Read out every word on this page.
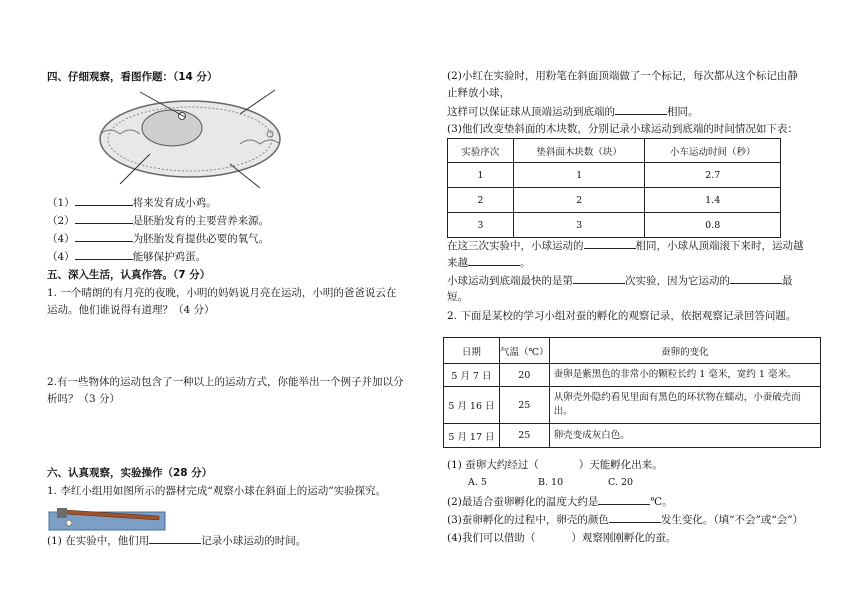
四、仔细观察，看图作题：（14 分）
（1）	将来发育成小鸡。
（2）	是胚胎发育的主要营养来源。
（4）	为胚胎发育提供必要的氧气。
（4）	能够保护鸡蛋。
五、深入生活，认真作答。（7 分）
1. 一个晴朗的有月亮的夜晚，小明的妈妈说月亮在运动，小明的爸爸说云在
运动。他们谁说得有道理？（4 分）
2.有一些物体的运动包含了一种以上的运动方式，你能举出一个例子并加以分
析吗？（3 分）
六、认真观察，实验操作（28 分）
1. 李红小组用如图所示的器材完成“观察小球在斜面上的运动”实验探究。
(1) 在实验中，他们用	记录小球运动的时间。
(2)小红在实验时，用粉笔在斜面顶端做了一个标记，每次都从这个标记由静
止释放小球，
这样可以保证球从顶端运动到底端的	相同。
(3)他们改变垫斜面的木块数，分别记录小球运动到底端的时间情况如下表：
实验序次	垫斜面木块数（块）	小车运动时间（秒）
1	1	2.7
2	2	1.4
3	3	0.8
在这三次实验中，小球运动的	相同，小球从顶端滚下来时，运动越
来越	。
小球运动到底端最快的是第	次实验，因为它运动的	最
短。
2. 下面是某校的学习小组对蚕的孵化的观察记录，依据观察记录回答问题。
日期	气温（℃）	蚕卵的变化
5 月 7 日	20	蚕卵是紫黑色的非常小的颗粒长约 1 毫米，宽约 1 毫米。
5 月 16 日	25	从卵壳外隐约看见里面有黑色的环状物在蠕动，小蚕破壳而出。
5 月 17 日	25	卵壳变成灰白色。
(1) 蚕卵大约经过（	）天能孵化出来。
A. 5	B. 10	C. 20
(2)最适合蚕卵孵化的温度大约是	℃。
(3)蚕卵孵化的过程中，卵壳的颜色	发生变化。（填“不会”或“会”）
(4)我们可以借助（	）观察刚刚孵化的蚕。
